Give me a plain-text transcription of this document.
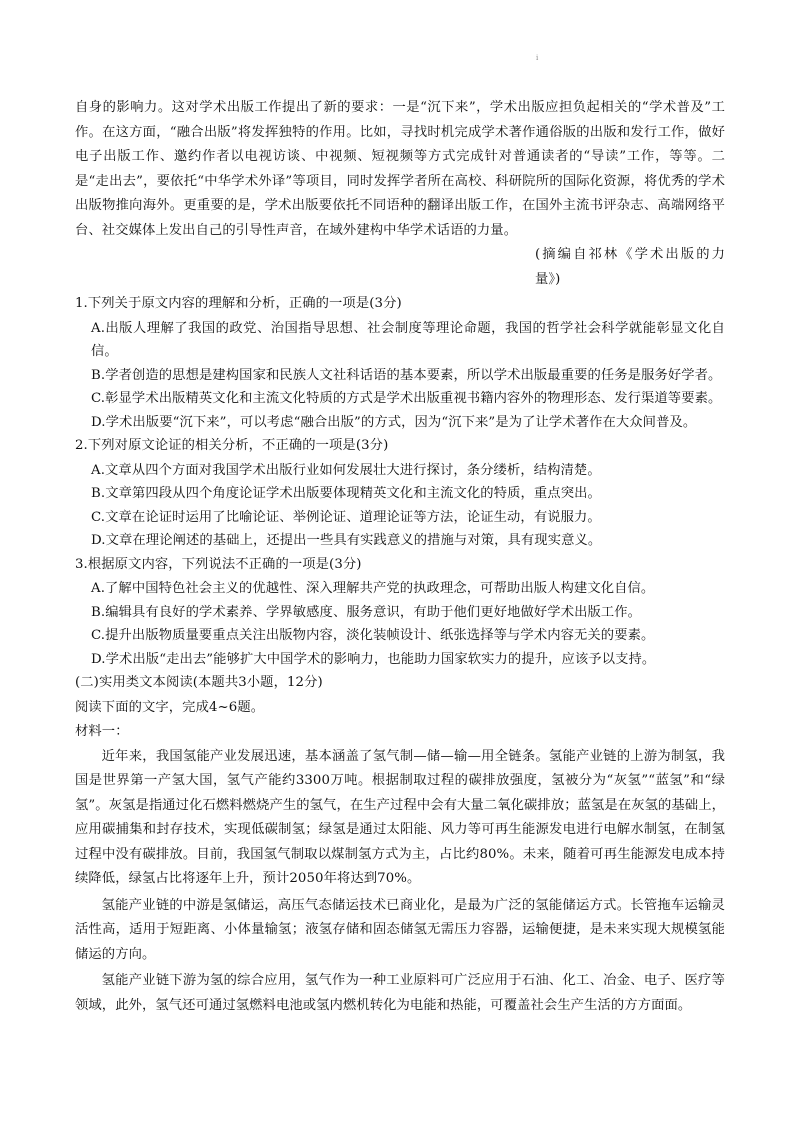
ⅰ

自身的影响力。这对学术出版工作提出了新的要求：一是“沉下来”，学术出版应担负起相关的“学术普及”工作。在这方面，“融合出版”将发挥独特的作用。比如，寻找时机完成学术著作通俗版的出版和发行工作，做好电子出版工作、邀约作者以电视访谈、中视频、短视频等方式完成针对普通读者的“导读”工作，等等。二是“走出去”，要依托“中华学术外译”等项目，同时发挥学者所在高校、科研院所的国际化资源，将优秀的学术出版物推向海外。更重要的是，学术出版要依托不同语种的翻译出版工作，在国外主流书评杂志、高端网络平台、社交媒体上发出自己的引导性声音，在域外建构中华学术话语的力量。

(摘编自祁林《学术出版的力量》)

1.下列关于原文内容的理解和分析，正确的一项是(3分)

A.出版人理解了我国的政党、治国指导思想、社会制度等理论命题，我国的哲学社会科学就能彰显文化自信。
B.学者创造的思想是建构国家和民族人文社科话语的基本要素，所以学术出版最重要的任务是服务好学者。
C.彰显学术出版精英文化和主流文化特质的方式是学术出版重视书籍内容外的物理形态、发行渠道等要素。
D.学术出版要“沉下来”，可以考虑“融合出版”的方式，因为“沉下来”是为了让学术著作在大众间普及。

2.下列对原文论证的相关分析，不正确的一项是(3分)

A.文章从四个方面对我国学术出版行业如何发展壮大进行探讨，条分缕析，结构清楚。
B.文章第四段从四个角度论证学术出版要体现精英文化和主流文化的特质，重点突出。
C.文章在论证时运用了比喻论证、举例论证、道理论证等方法，论证生动，有说服力。
D.文章在理论阐述的基础上，还提出一些具有实践意义的措施与对策，具有现实意义。

3.根据原文内容，下列说法不正确的一项是(3分)

A.了解中国特色社会主义的优越性、深入理解共产党的执政理念，可帮助出版人构建文化自信。
B.编辑具有良好的学术素养、学界敏感度、服务意识，有助于他们更好地做好学术出版工作。
C.提升出版物质量要重点关注出版物内容，淡化装帧设计、纸张选择等与学术内容无关的要素。
D.学术出版“走出去”能够扩大中国学术的影响力，也能助力国家软实力的提升，应该予以支持。

(二)实用类文本阅读(本题共3小题，12分)

阅读下面的文字，完成4~6题。

材料一：

近年来，我国氢能产业发展迅速，基本涵盖了氢气制—储—输—用全链条。氢能产业链的上游为制氢，我国是世界第一产氢大国，氢气产能约3300万吨。根据制取过程的碳排放强度，氢被分为“灰氢”“蓝氢”和“绿氢”。灰氢是指通过化石燃料燃烧产生的氢气，在生产过程中会有大量二氧化碳排放；蓝氢是在灰氢的基础上，应用碳捕集和封存技术，实现低碳制氢；绿氢是通过太阳能、风力等可再生能源发电进行电解水制氢，在制氢过程中没有碳排放。目前，我国氢气制取以煤制氢方式为主，占比约80%。未来，随着可再生能源发电成本持续降低，绿氢占比将逐年上升，预计2050年将达到70%。

氢能产业链的中游是氢储运，高压气态储运技术已商业化，是最为广泛的氢能储运方式。长管拖车运输灵活性高，适用于短距离、小体量输氢；液氢存储和固态储氢无需压力容器，运输便捷，是未来实现大规模氢能储运的方向。

氢能产业链下游为氢的综合应用，氢气作为一种工业原料可广泛应用于石油、化工、冶金、电子、医疗等领域，此外，氢气还可通过氢燃料电池或氢内燃机转化为电能和热能，可覆盖社会生产生活的方方面面。
